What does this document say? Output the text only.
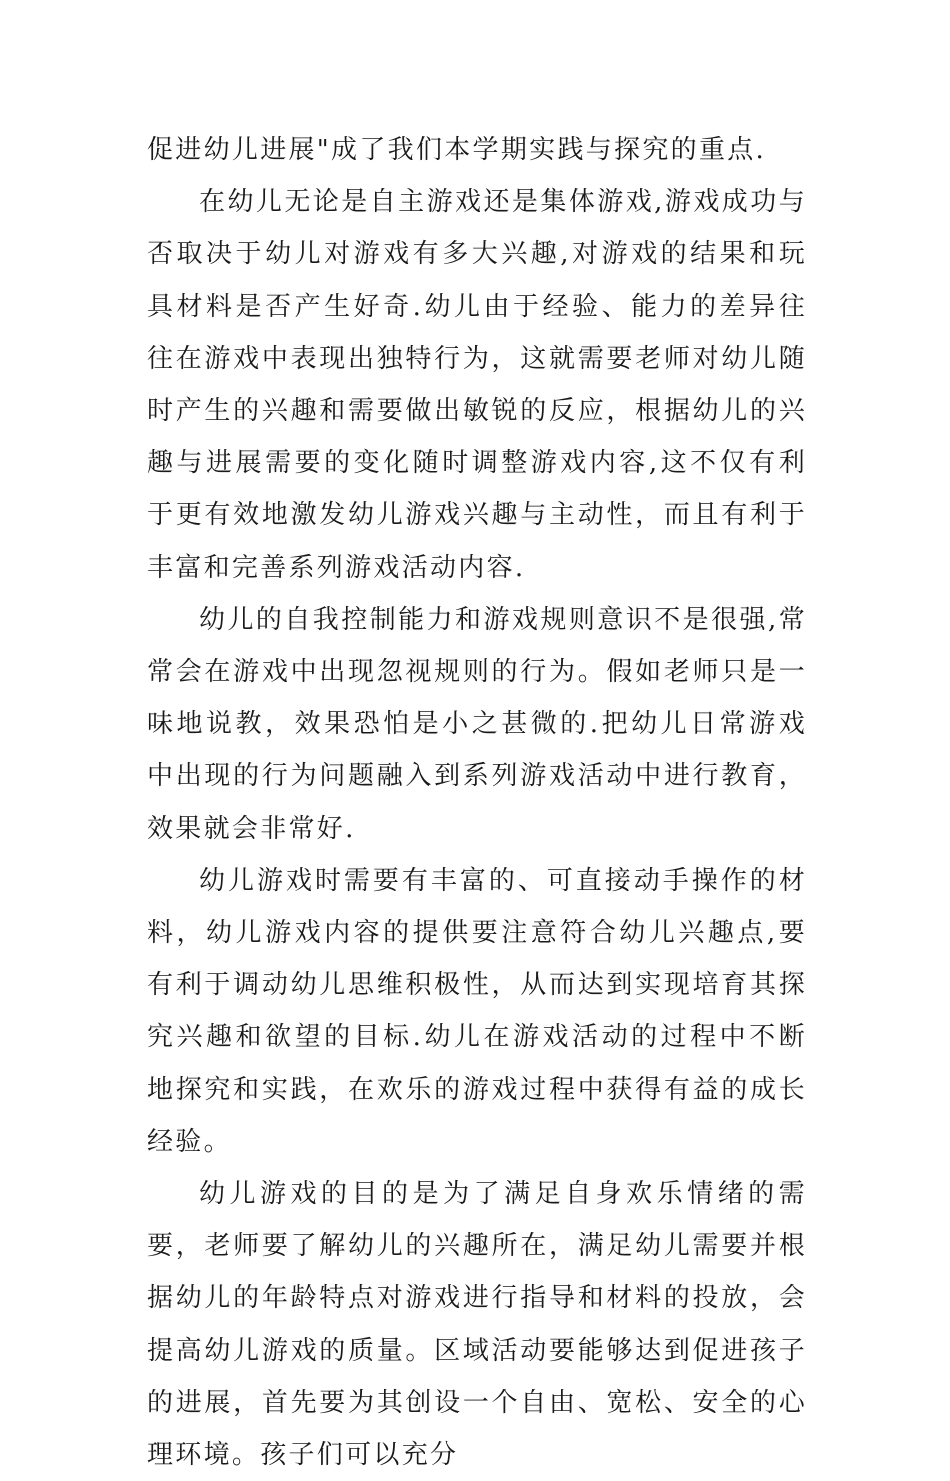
促进幼儿进展"成了我们本学期实践与探究的重点.

在幼儿无论是自主游戏还是集体游戏,游戏成功与否取决于幼儿对游戏有多大兴趣,对游戏的结果和玩具材料是否产生好奇.幼儿由于经验、能力的差异往往在游戏中表现出独特行为，这就需要老师对幼儿随时产生的兴趣和需要做出敏锐的反应，根据幼儿的兴趣与进展需要的变化随时调整游戏内容,这不仅有利于更有效地激发幼儿游戏兴趣与主动性，而且有利于丰富和完善系列游戏活动内容.

幼儿的自我控制能力和游戏规则意识不是很强,常常会在游戏中出现忽视规则的行为。假如老师只是一味地说教，效果恐怕是小之甚微的.把幼儿日常游戏中出现的行为问题融入到系列游戏活动中进行教育，效果就会非常好.

幼儿游戏时需要有丰富的、可直接动手操作的材料，幼儿游戏内容的提供要注意符合幼儿兴趣点,要有利于调动幼儿思维积极性，从而达到实现培育其探究兴趣和欲望的目标.幼儿在游戏活动的过程中不断地探究和实践，在欢乐的游戏过程中获得有益的成长经验。

幼儿游戏的目的是为了满足自身欢乐情绪的需要，老师要了解幼儿的兴趣所在，满足幼儿需要并根据幼儿的年龄特点对游戏进行指导和材料的投放，会提高幼儿游戏的质量。区域活动要能够达到促进孩子的进展，首先要为其创设一个自由、宽松、安全的心理环境。孩子们可以充分
